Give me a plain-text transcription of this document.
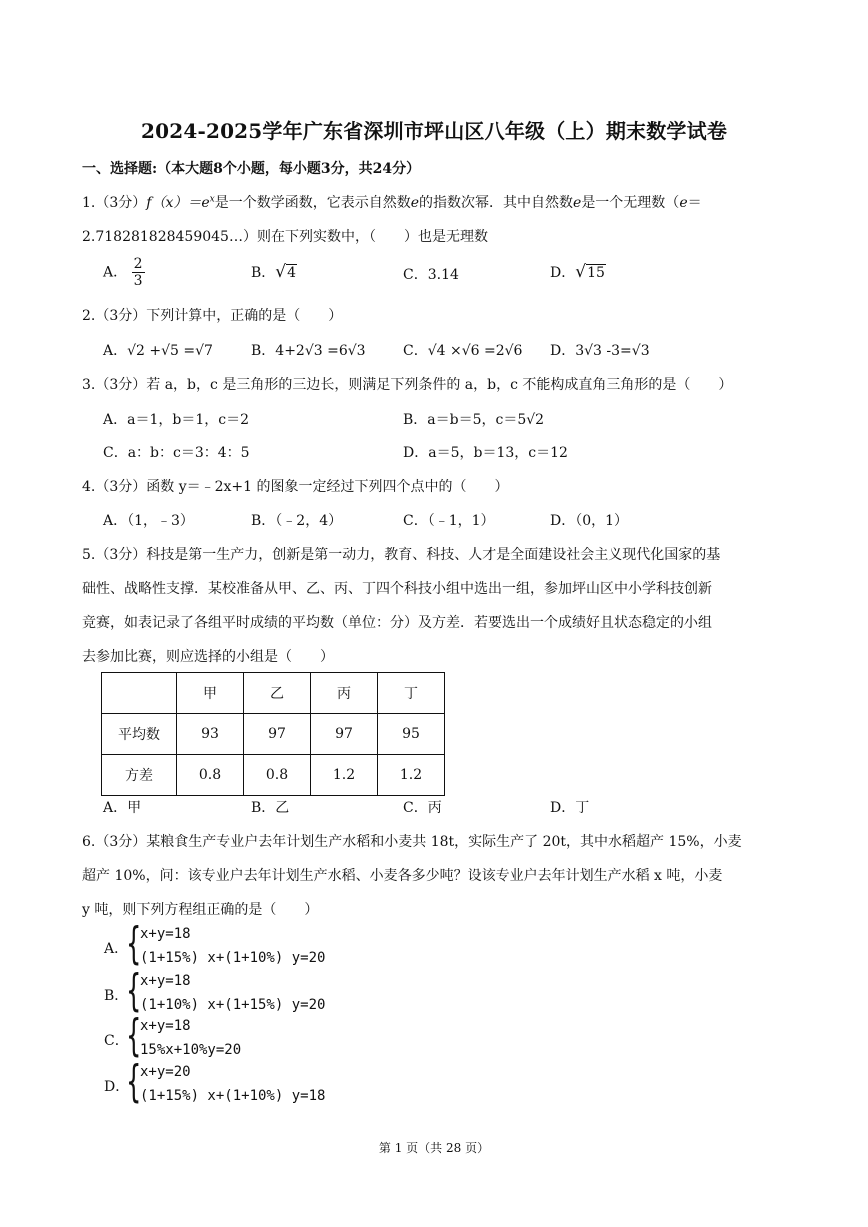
2024-2025学年广东省深圳市坪山区八年级（上）期末数学试卷
一、选择题:（本大题8个小题，每小题3分，共24分）
1.（3分）$f(x)=e^x$是一个数学函数，它表示自然数e的指数次幂．其中自然数e是一个无理数（e＝
2.718281828459045…）则在下列实数中，（　　）也是无理数
A． $\frac{2}{3}$	B．√4	C．3.14	D．√15
2.（3分）下列计算中，正确的是（　　）
A．√2 +√5 =√7	B．4+2√3 =6√3	C．√4 ×√6 =2√6 D．3√3 -3=√3
3.（3分）若 a，b，c 是三角形的三边长，则满足下列条件的 a，b，c 不能构成直角三角形的是（　　）
A．a＝1，b＝1，c＝2	B．a＝b＝5，c＝5√2
C．a：b：c＝3：4：5	D．a＝5，b＝13，c＝12
4.（3分）函数 y＝﹣2x+1 的图象一定经过下列四个点中的（　　）
A．（1，﹣3）	B．（﹣2，4）	C．（﹣1，1）	D．（0，1）
5.（3分）科技是第一生产力，创新是第一动力，教育、科技、人才是全面建设社会主义现代化国家的基
础性、战略性支撑．某校准备从甲、乙、丙、丁四个科技小组中选出一组，参加坪山区中小学科技创新
竞赛，如表记录了各组平时成绩的平均数（单位：分）及方差．若要选出一个成绩好且状态稳定的小组
去参加比赛，则应选择的小组是（　　）
	甲	乙	丙	丁
平均数	93	97	97	95
方差	0.8	0.8	1.2	1.2
A．甲	B．乙	C．丙	D．丁
6.（3分）某粮食生产专业户去年计划生产水稻和小麦共 18t，实际生产了 20t，其中水稻超产 15%，小麦
超产 10%，问：该专业户去年计划生产水稻、小麦各多少吨？设该专业户去年计划生产水稻 x 吨，小麦
y 吨，则下列方程组正确的是（　　）
A．
{
x+y=18
(1+15%) x+(1+10%) y=20
B．
{
x+y=18
(1+10%) x+(1+15%) y=20
C．
{
x+y=18
15%x+10%y=20
D．
{
x+y=20
(1+15%) x+(1+10%) y=18
第 1 页（共 28 页）
